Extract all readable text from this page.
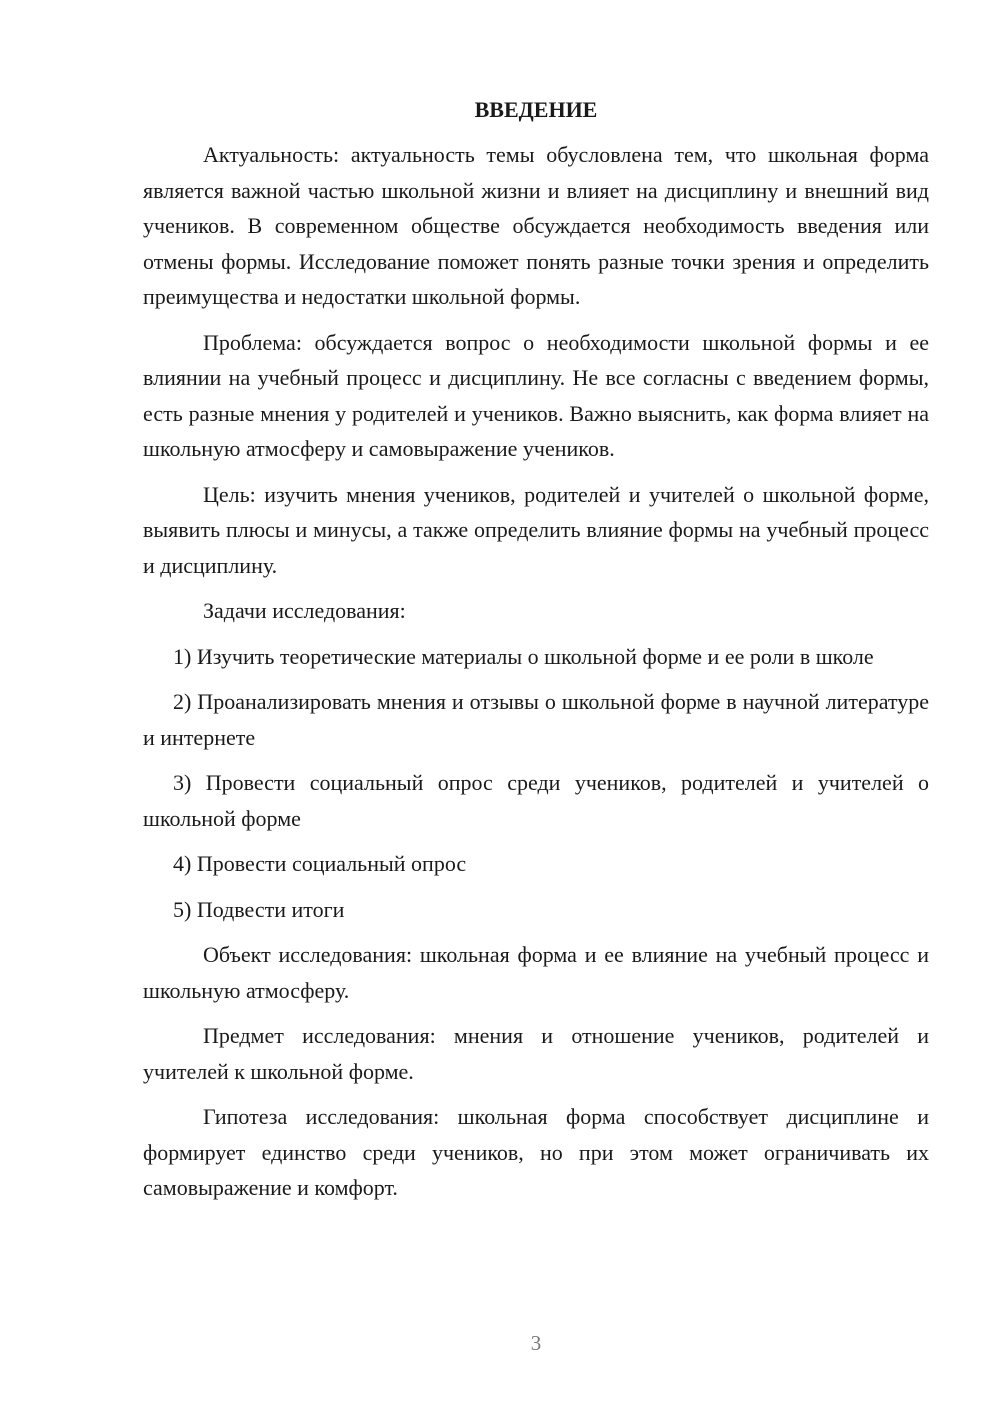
ВВЕДЕНИЕ

Актуальность: актуальность темы обусловлена тем, что школьная форма является важной частью школьной жизни и влияет на дисциплину и внешний вид учеников. В современном обществе обсуждается необходимость введения или отмены формы. Исследование поможет понять разные точки зрения и определить преимущества и недостатки школьной формы.

Проблема: обсуждается вопрос о необходимости школьной формы и ее влиянии на учебный процесс и дисциплину. Не все согласны с введением формы, есть разные мнения у родителей и учеников. Важно выяснить, как форма влияет на школьную атмосферу и самовыражение учеников.

Цель: изучить мнения учеников, родителей и учителей о школьной форме, выявить плюсы и минусы, а также определить влияние формы на учебный процесс и дисциплину.

Задачи исследования:

1) Изучить теоретические материалы о школьной форме и ее роли в школе

2) Проанализировать мнения и отзывы о школьной форме в научной литературе и интернете

3) Провести социальный опрос среди учеников, родителей и учителей о школьной форме

4) Провести социальный опрос

5) Подвести итоги

Объект исследования: школьная форма и ее влияние на учебный процесс и школьную атмосферу.

Предмет исследования: мнения и отношение учеников, родителей и учителей к школьной форме.

Гипотеза исследования: школьная форма способствует дисциплине и формирует единство среди учеников, но при этом может ограничивать их самовыражение и комфорт.

3
